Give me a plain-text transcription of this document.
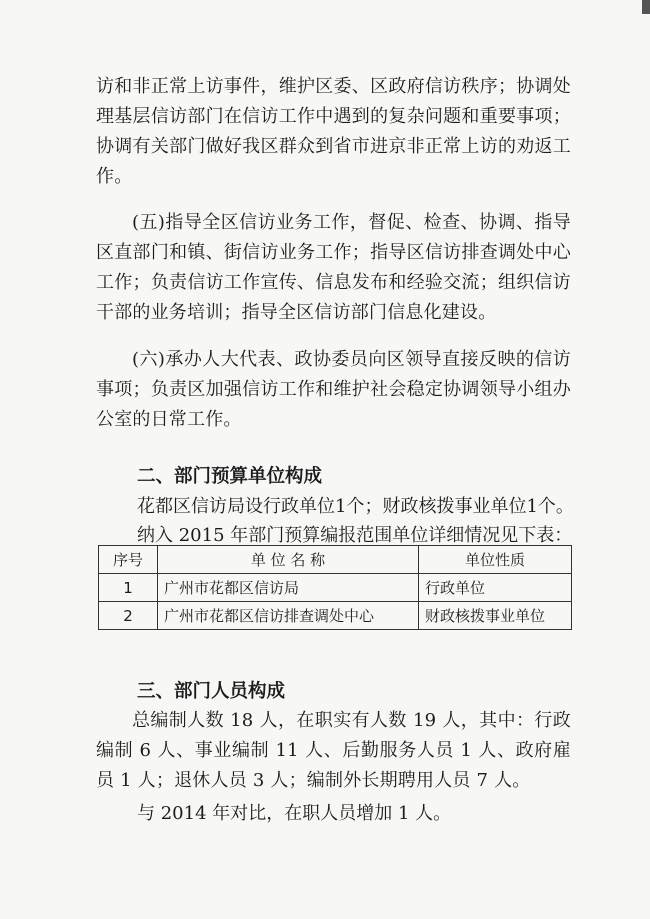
访和非正常上访事件，维护区委、区政府信访秩序；协调处理基层信访部门在信访工作中遇到的复杂问题和重要事项；协调有关部门做好我区群众到省市进京非正常上访的劝返工作。

(五)指导全区信访业务工作，督促、检查、协调、指导区直部门和镇、街信访业务工作；指导区信访排查调处中心工作；负责信访工作宣传、信息发布和经验交流；组织信访干部的业务培训；指导全区信访部门信息化建设。

(六)承办人大代表、政协委员向区领导直接反映的信访事项；负责区加强信访工作和维护社会稳定协调领导小组办公室的日常工作。

二、部门预算单位构成

花都区信访局设行政单位1个；财政核拨事业单位1个。

纳入 2015 年部门预算编报范围单位详细情况见下表：

序号	单 位 名 称	单位性质
1	广州市花都区信访局	行政单位
2	广州市花都区信访排查调处中心	财政核拨事业单位

三、部门人员构成

总编制人数 18 人，在职实有人数 19 人，其中：行政编制 6 人、事业编制 11 人、后勤服务人员 1 人、政府雇员 1 人；退休人员 3 人；编制外长期聘用人员 7 人。

与 2014 年对比，在职人员增加 1 人。
